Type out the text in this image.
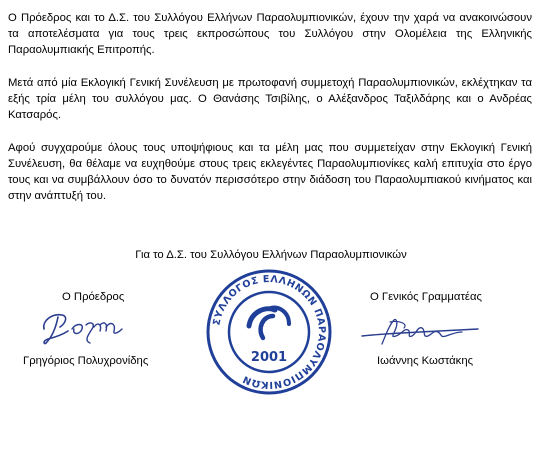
Ο Πρόεδρος και το Δ.Σ. του Συλλόγου Ελλήνων Παραολυμπιονικών, έχουν την χαρά να ανακοινώσουν τα αποτελέσματα για τους τρεις εκπροσώπους του Συλλόγου στην Ολομέλεια της Ελληνικής Παραολυμπιακής Επιτροπής.

Μετά από μία Εκλογική Γενική Συνέλευση με πρωτοφανή συμμετοχή Παραολυμπιονικών, εκλέχτηκαν τα εξής τρία μέλη του συλλόγου μας. Ο Θανάσης Τσιβίλης, ο Αλέξανδρος Ταξιλδάρης και ο Ανδρέας Κατσαρός.

Αφού συγχαρούμε όλους τους υποψήφιους και τα μέλη μας που συμμετείχαν στην Εκλογική Γενική Συνέλευση, θα θέλαμε να ευχηθούμε στους τρεις εκλεγέντες Παραολυμπιονίκες καλή επιτυχία στο έργο τους και να συμβάλλουν όσο το δυνατόν περισσότερο στην διάδοση του Παραολυμπιακού κινήματος και στην ανάπτυξή του.

Για το Δ.Σ. του Συλλόγου Ελλήνων Παραολυμπιονικών
Ο Πρόεδρος	Ο Γενικός Γραμματέας
ΣΥΛΛΟΓΟΣ ΕΛΛΗΝΩΝ ΠΑΡΑΟΛΥΜΠΙΟΝΙΚΩΝ
2001
Γρηγόριος Πολυχρονίδης	Ιωάννης Κωστάκης
